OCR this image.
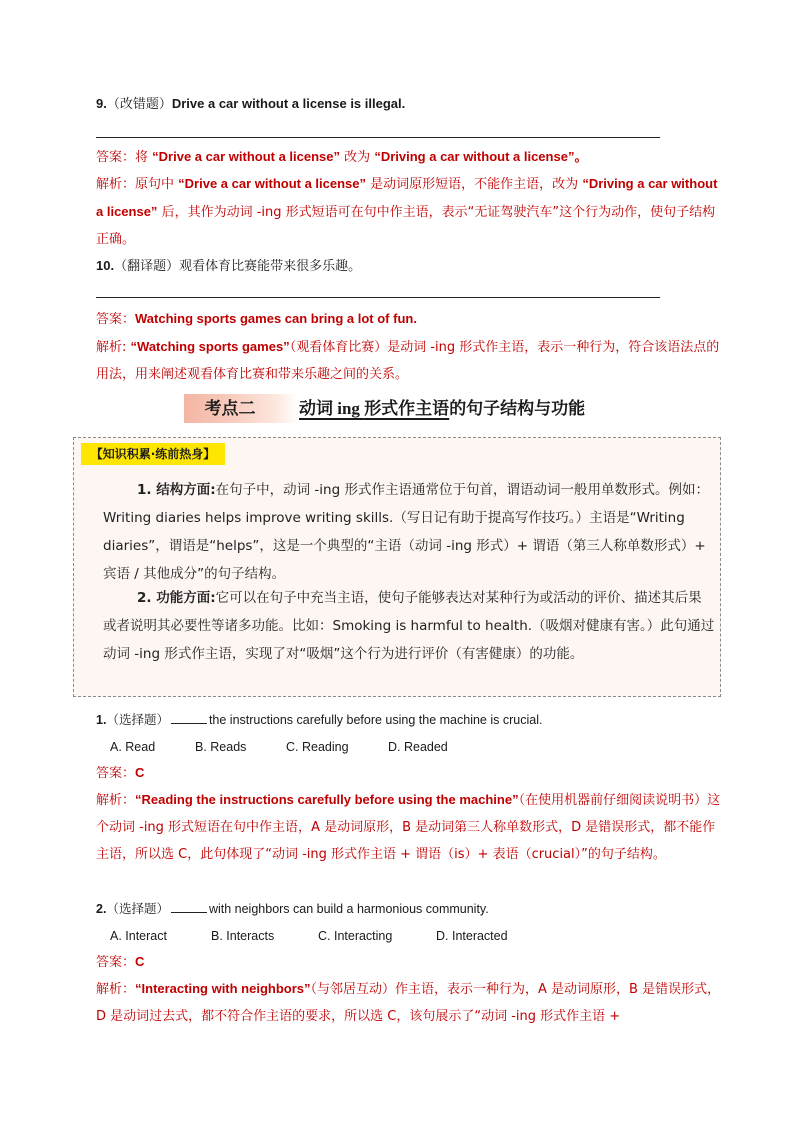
9.（改错题）Drive a car without a license is illegal.
答案：将 “Drive a car without a license” 改为 “Driving a car without a license”。
解析：原句中 “Drive a car without a license” 是动词原形短语，不能作主语，改为 “Driving a car without a license” 后，其作为动词 -ing 形式短语可在句中作主语，表示“无证驾驶汽车”这个行为动作，使句子结构正确。
10.（翻译题）观看体育比赛能带来很多乐趣。
答案：Watching sports games can bring a lot of fun.
解析: “Watching sports games”（观看体育比赛）是动词 -ing 形式作主语，表示一种行为，符合该语法点的用法，用来阐述观看体育比赛和带来乐趣之间的关系。
考点二	动词 ing 形式作主语的句子结构与功能
【知识积累·练前热身】
1. 结构方面:在句子中，动词 -ing 形式作主语通常位于句首，谓语动词一般用单数形式。例如：Writing diaries helps improve writing skills.（写日记有助于提高写作技巧。）主语是“Writing diaries”，谓语是“helps”，这是一个典型的“主语（动词 -ing 形式）+ 谓语（第三人称单数形式）+ 宾语 / 其他成分”的句子结构。
2. 功能方面:它可以在句子中充当主语，使句子能够表达对某种行为或活动的评价、描述其后果或者说明其必要性等诸多功能。比如：Smoking is harmful to health.（吸烟对健康有害。）此句通过动词 -ing 形式作主语，实现了对“吸烟”这个行为进行评价（有害健康）的功能。
1.（选择题）	the instructions carefully before using the machine is crucial.
A. Read	B. Reads	C. Reading	D. Readed
答案：C
解析：“Reading the instructions carefully before using the machine”（在使用机器前仔细阅读说明书）这个动词 -ing 形式短语在句中作主语，A 是动词原形，B 是动词第三人称单数形式，D 是错误形式，都不能作主语，所以选 C，此句体现了“动词 -ing 形式作主语 + 谓语（is）+ 表语（crucial）”的句子结构。
2.（选择题）	with neighbors can build a harmonious community.
A. Interact	B. Interacts	C. Interacting	D. Interacted
答案：C
解析：“Interacting with neighbors”（与邻居互动）作主语，表示一种行为，A 是动词原形，B 是错误形式，D 是动词过去式，都不符合作主语的要求，所以选 C，该句展示了“动词 -ing 形式作主语 +
